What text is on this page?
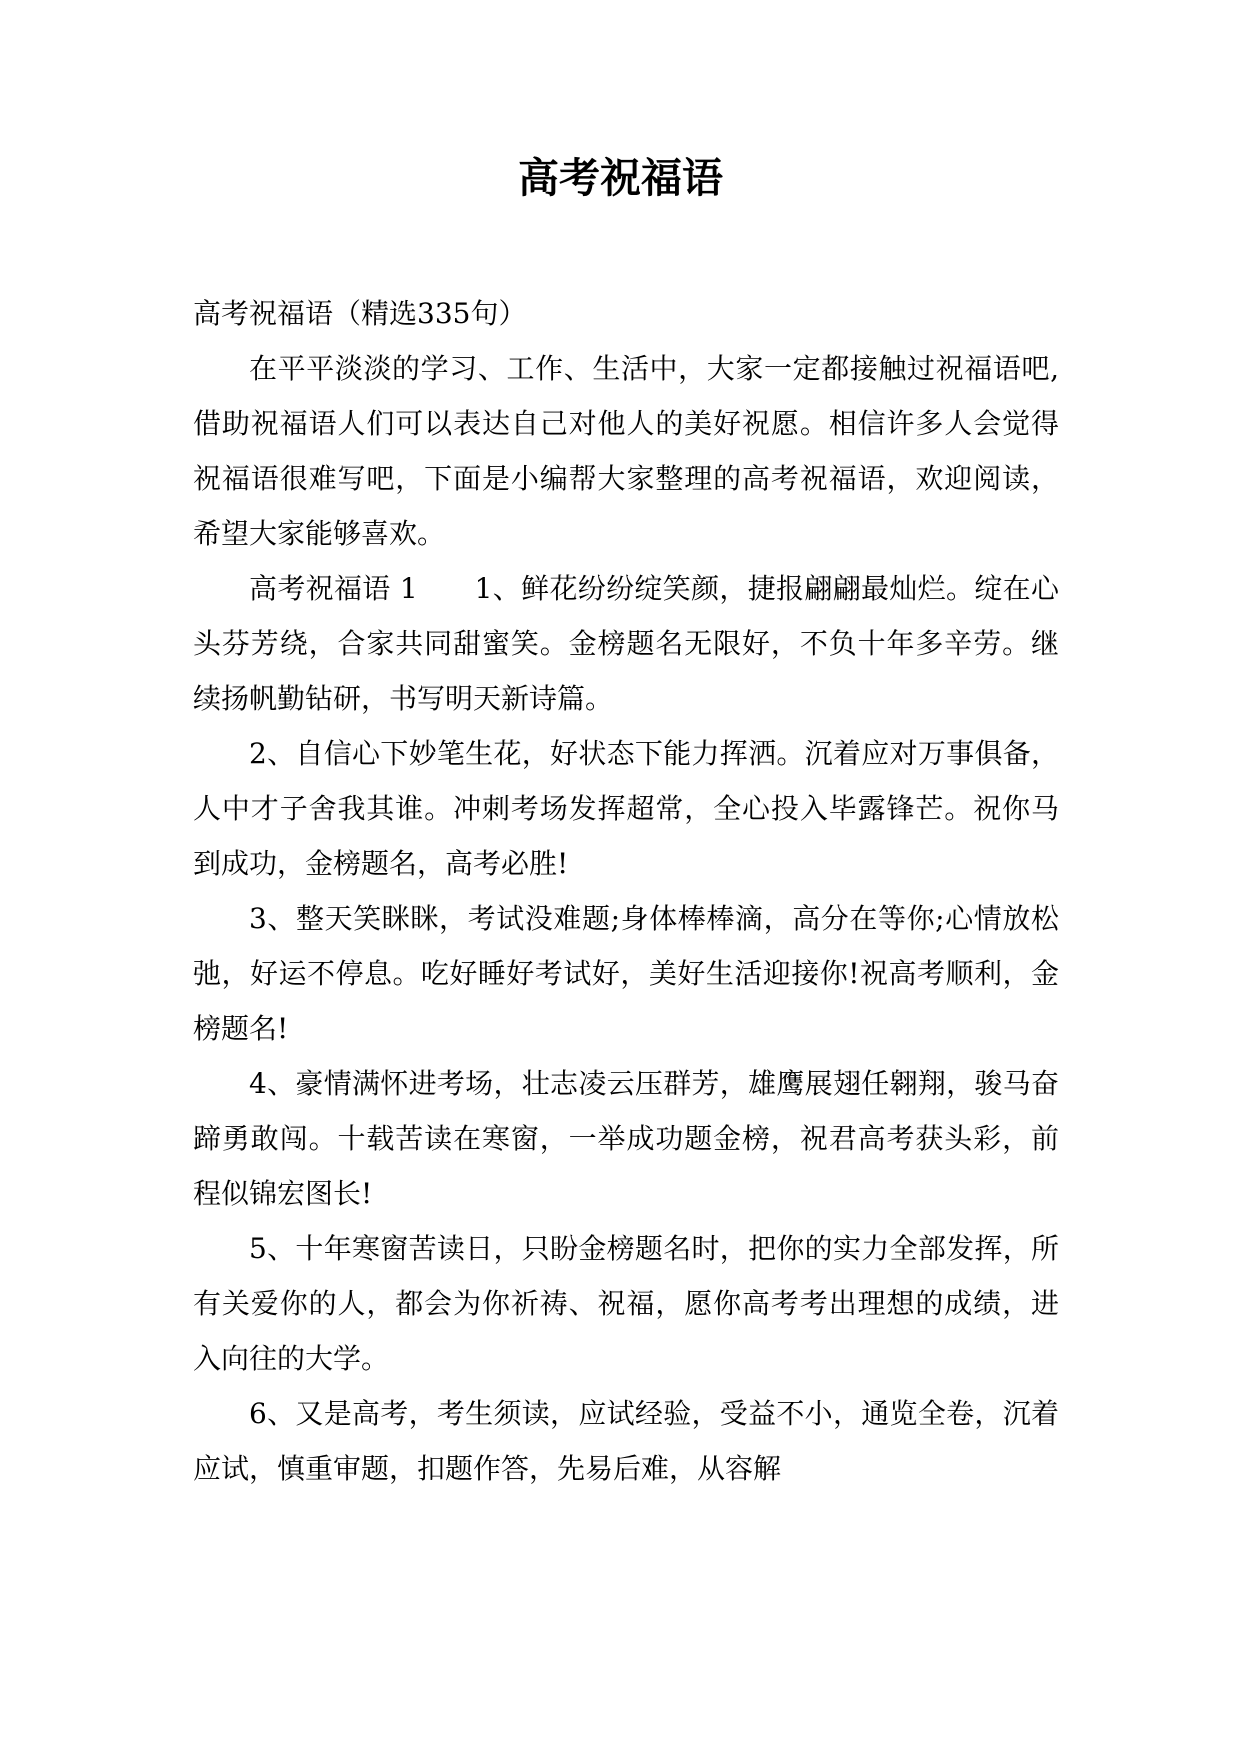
高考祝福语

高考祝福语（精选335句）

在平平淡淡的学习、工作、生活中，大家一定都接触过祝福语吧,借助祝福语人们可以表达自己对他人的美好祝愿。相信许多人会觉得祝福语很难写吧，下面是小编帮大家整理的高考祝福语，欢迎阅读，希望大家能够喜欢。

高考祝福语 1　　1、鲜花纷纷绽笑颜，捷报翩翩最灿烂。绽在心头芬芳绕，合家共同甜蜜笑。金榜题名无限好，不负十年多辛劳。继续扬帆勤钻研，书写明天新诗篇。

2、自信心下妙笔生花，好状态下能力挥洒。沉着应对万事俱备，人中才子舍我其谁。冲刺考场发挥超常，全心投入毕露锋芒。祝你马到成功，金榜题名，高考必胜!

3、整天笑眯眯，考试没难题;身体棒棒滴，高分在等你;心情放松弛，好运不停息。吃好睡好考试好，美好生活迎接你!祝高考顺利，金榜题名!

4、豪情满怀进考场，壮志凌云压群芳，雄鹰展翅任翱翔，骏马奋蹄勇敢闯。十载苦读在寒窗，一举成功题金榜，祝君高考获头彩，前程似锦宏图长!

5、十年寒窗苦读日，只盼金榜题名时，把你的实力全部发挥，所有关爱你的人，都会为你祈祷、祝福，愿你高考考出理想的成绩，进入向往的大学。

6、又是高考，考生须读，应试经验，受益不小，通览全卷，沉着应试，慎重审题，扣题作答，先易后难，从容解
